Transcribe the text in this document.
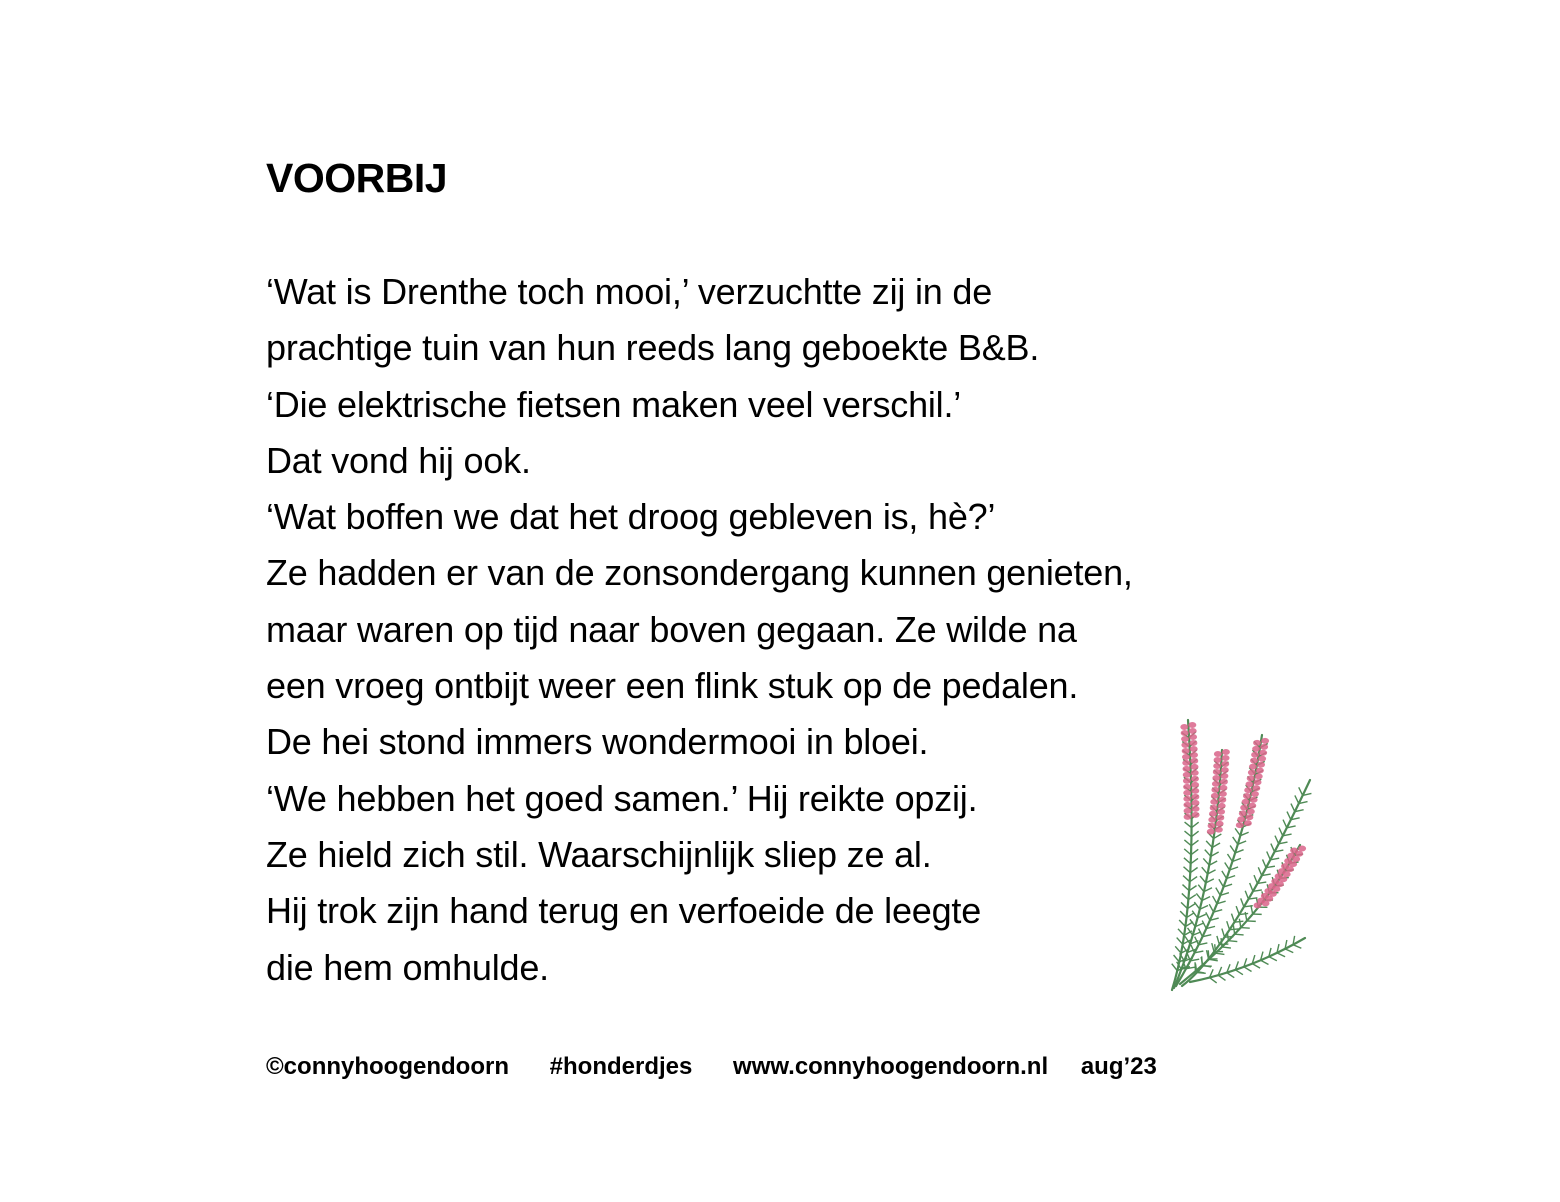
VOORBIJ
‘Wat is Drenthe toch mooi,’ verzuchtte zij in de
prachtige tuin van hun reeds lang geboekte B&B.
‘Die elektrische fietsen maken veel verschil.’
Dat vond hij ook.
‘Wat boffen we dat het droog gebleven is, hè?’
Ze hadden er van de zonsondergang kunnen genieten,
maar waren op tijd naar boven gegaan. Ze wilde na
een vroeg ontbijt weer een flink stuk op de pedalen.
De hei stond immers wondermooi in bloei.
‘We hebben het goed samen.’ Hij reikte opzij.
Ze hield zich stil. Waarschijnlijk sliep ze al.
Hij trok zijn hand terug en verfoeide de leegte
die hem omhulde.
©connyhoogendoorn #honderdjes www.connyhoogendoorn.nl aug’23
